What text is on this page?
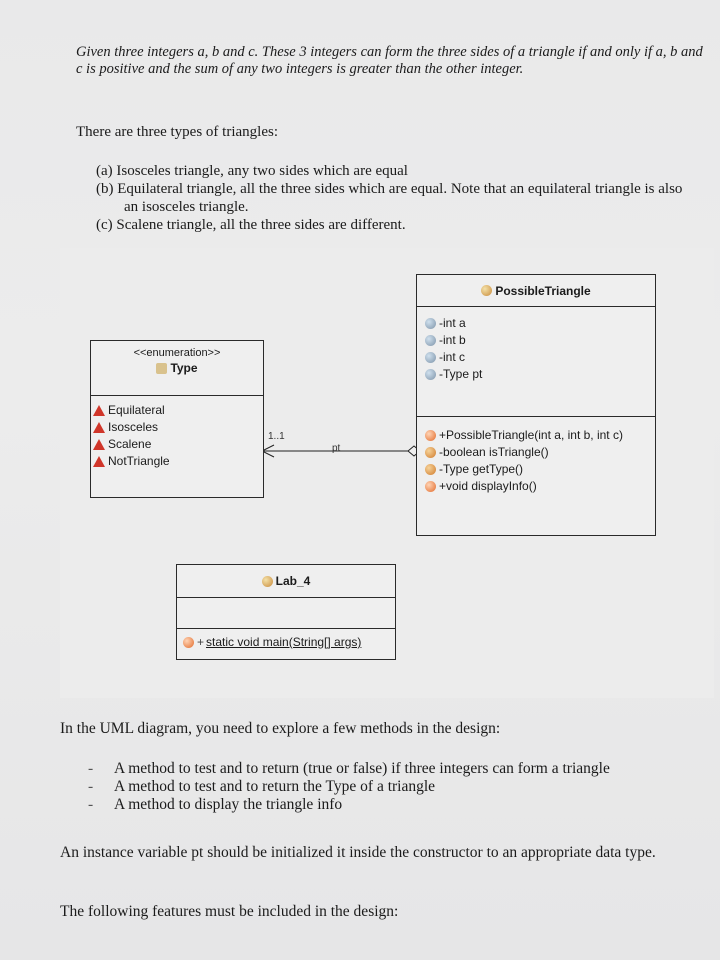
Given three integers a, b and c. These 3 integers can form the three sides of a triangle if and only if a, b and c is positive and the sum of any two integers is greater than the other integer.

There are three types of triangles:
(a) Isosceles triangle, any two sides which are equal
(b) Equilateral triangle, all the three sides which are equal. Note that an equilateral triangle is also an isosceles triangle.
(c) Scalene triangle, all the three sides are different.
1..1
pt
PossibleTriangle
-int a
-int b
-int c
-Type pt
+PossibleTriangle(int a, int b, int c)
-boolean isTriangle()
-Type getType()
+void displayInfo()
<<enumeration>>
Type
Equilateral
Isosceles
Scalene
NotTriangle
Lab_4
+ static void main(String[] args)

In the UML diagram, you need to explore a few methods in the design:

- A method to test and to return (true or false) if three integers can form a triangle
- A method to test and to return the Type of a triangle
- A method to display the triangle info

An instance variable pt should be initialized it inside the constructor to an appropriate data type.

The following features must be included in the design:
